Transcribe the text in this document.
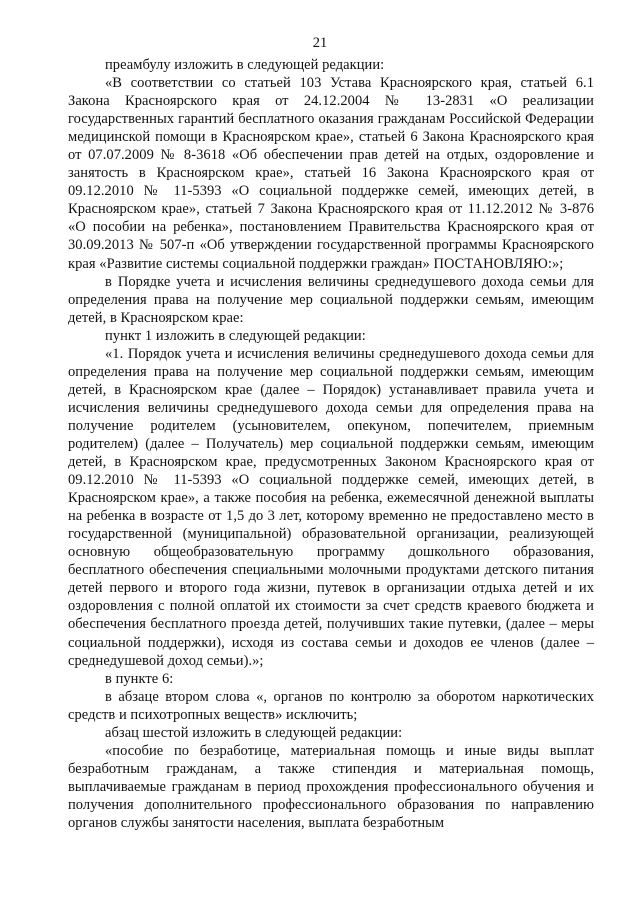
21

преамбулу изложить в следующей редакции:

«В соответствии со статьей 103 Устава Красноярского края, статьей 6.1 Закона Красноярского края от 24.12.2004 № 13-2831 «О реализации государственных гарантий бесплатного оказания гражданам Российской Федерации медицинской помощи в Красноярском крае», статьей 6 Закона Красноярского края от 07.07.2009 № 8-3618 «Об обеспечении прав детей на отдых, оздоровление и занятость в Красноярском крае», статьей 16 Закона Красноярского края от 09.12.2010 № 11-5393 «О социальной поддержке семей, имеющих детей, в Красноярском крае», статьей 7 Закона Красноярского края от 11.12.2012 № 3-876 «О пособии на ребенка», постановлением Правительства Красноярского края от 30.09.2013 № 507-п «Об утверждении государственной программы Красноярского края «Развитие системы социальной поддержки граждан» ПОСТАНОВЛЯЮ:»;

в Порядке учета и исчисления величины среднедушевого дохода семьи для определения права на получение мер социальной поддержки семьям, имеющим детей, в Красноярском крае:

пункт 1 изложить в следующей редакции:

«1. Порядок учета и исчисления величины среднедушевого дохода семьи для определения права на получение мер социальной поддержки семьям, имеющим детей, в Красноярском крае (далее – Порядок) устанавливает правила учета и исчисления величины среднедушевого дохода семьи для определения права на получение родителем (усыновителем, опекуном, попечителем, приемным родителем) (далее – Получатель) мер социальной поддержки семьям, имеющим детей, в Красноярском крае, предусмотренных Законом Красноярского края от 09.12.2010 № 11-5393 «О социальной поддержке семей, имеющих детей, в Красноярском крае», а также пособия на ребенка, ежемесячной денежной выплаты на ребенка в возрасте от 1,5 до 3 лет, которому временно не предоставлено место в государственной (муниципальной) образовательной организации, реализующей основную общеобразовательную программу дошкольного образования, бесплатного обеспечения специальными молочными продуктами детского питания детей первого и второго года жизни, путевок в организации отдыха детей и их оздоровления с полной оплатой их стоимости за счет средств краевого бюджета и обеспечения бесплатного проезда детей, получивших такие путевки, (далее – меры социальной поддержки), исходя из состава семьи и доходов ее членов (далее – среднедушевой доход семьи).»;

в пункте 6:

в абзаце втором слова «, органов по контролю за оборотом наркотических средств и психотропных веществ» исключить;

абзац шестой изложить в следующей редакции:

«пособие по безработице, материальная помощь и иные виды выплат безработным гражданам, а также стипендия и материальная помощь, выплачиваемые гражданам в период прохождения профессионального обучения и получения дополнительного профессионального образования по направлению органов службы занятости населения, выплата безработным
